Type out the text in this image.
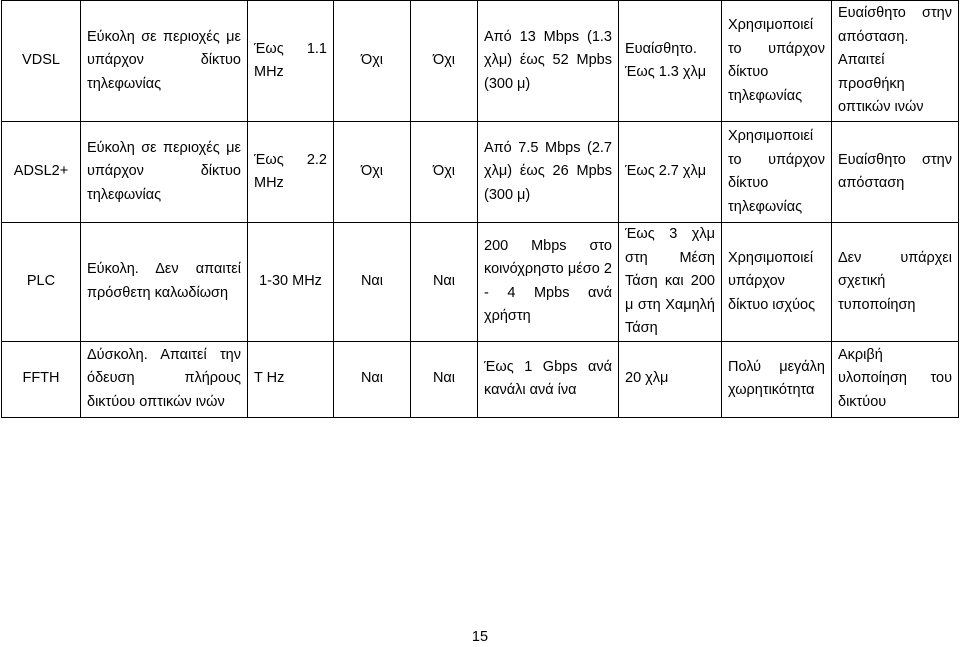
VDSL	Εύκολη σε περιοχές με υπάρχον δίκτυο τηλεφωνίας	Έως 1.1 MHz	Όχι	Όχι	Από 13 Mbps (1.3 χλμ) έως 52 Mpbs (300 μ)	Ευαίσθητο. Έως 1.3 χλμ	Χρησιμοποιεί το υπάρχον δίκτυο τηλεφωνίας	Ευαίσθητο στην απόσταση. Απαιτεί προσθήκη οπτικών ινών
ADSL2+	Εύκολη σε περιοχές με υπάρχον δίκτυο τηλεφωνίας	Έως 2.2 MHz	Όχι	Όχι	Από 7.5 Mbps (2.7 χλμ) έως 26 Mpbs (300 μ)	Έως 2.7 χλμ	Χρησιμοποιεί το υπάρχον δίκτυο τηλεφωνίας	Ευαίσθητο στην απόσταση
PLC	Εύκολη. Δεν απαιτεί πρόσθετη καλωδίωση	1-30 MHz	Ναι	Ναι	200 Mbps στο κοινόχρηστο μέσο 2 - 4 Mpbs ανά χρήστη	Έως 3 χλμ στη Μέση Τάση και 200 μ στη Χαμηλή Τάση	Χρησιμοποιεί υπάρχον δίκτυο ισχύος	Δεν υπάρχει σχετική τυποποίηση
FFTH	Δύσκολη. Απαιτεί την όδευση πλήρους δικτύου οπτικών ινών	T Hz	Ναι	Ναι	Έως 1 Gbps ανά κανάλι ανά ίνα	20 χλμ	Πολύ μεγάλη χωρητικότητα	Ακριβή υλοποίηση του δικτύου
15
